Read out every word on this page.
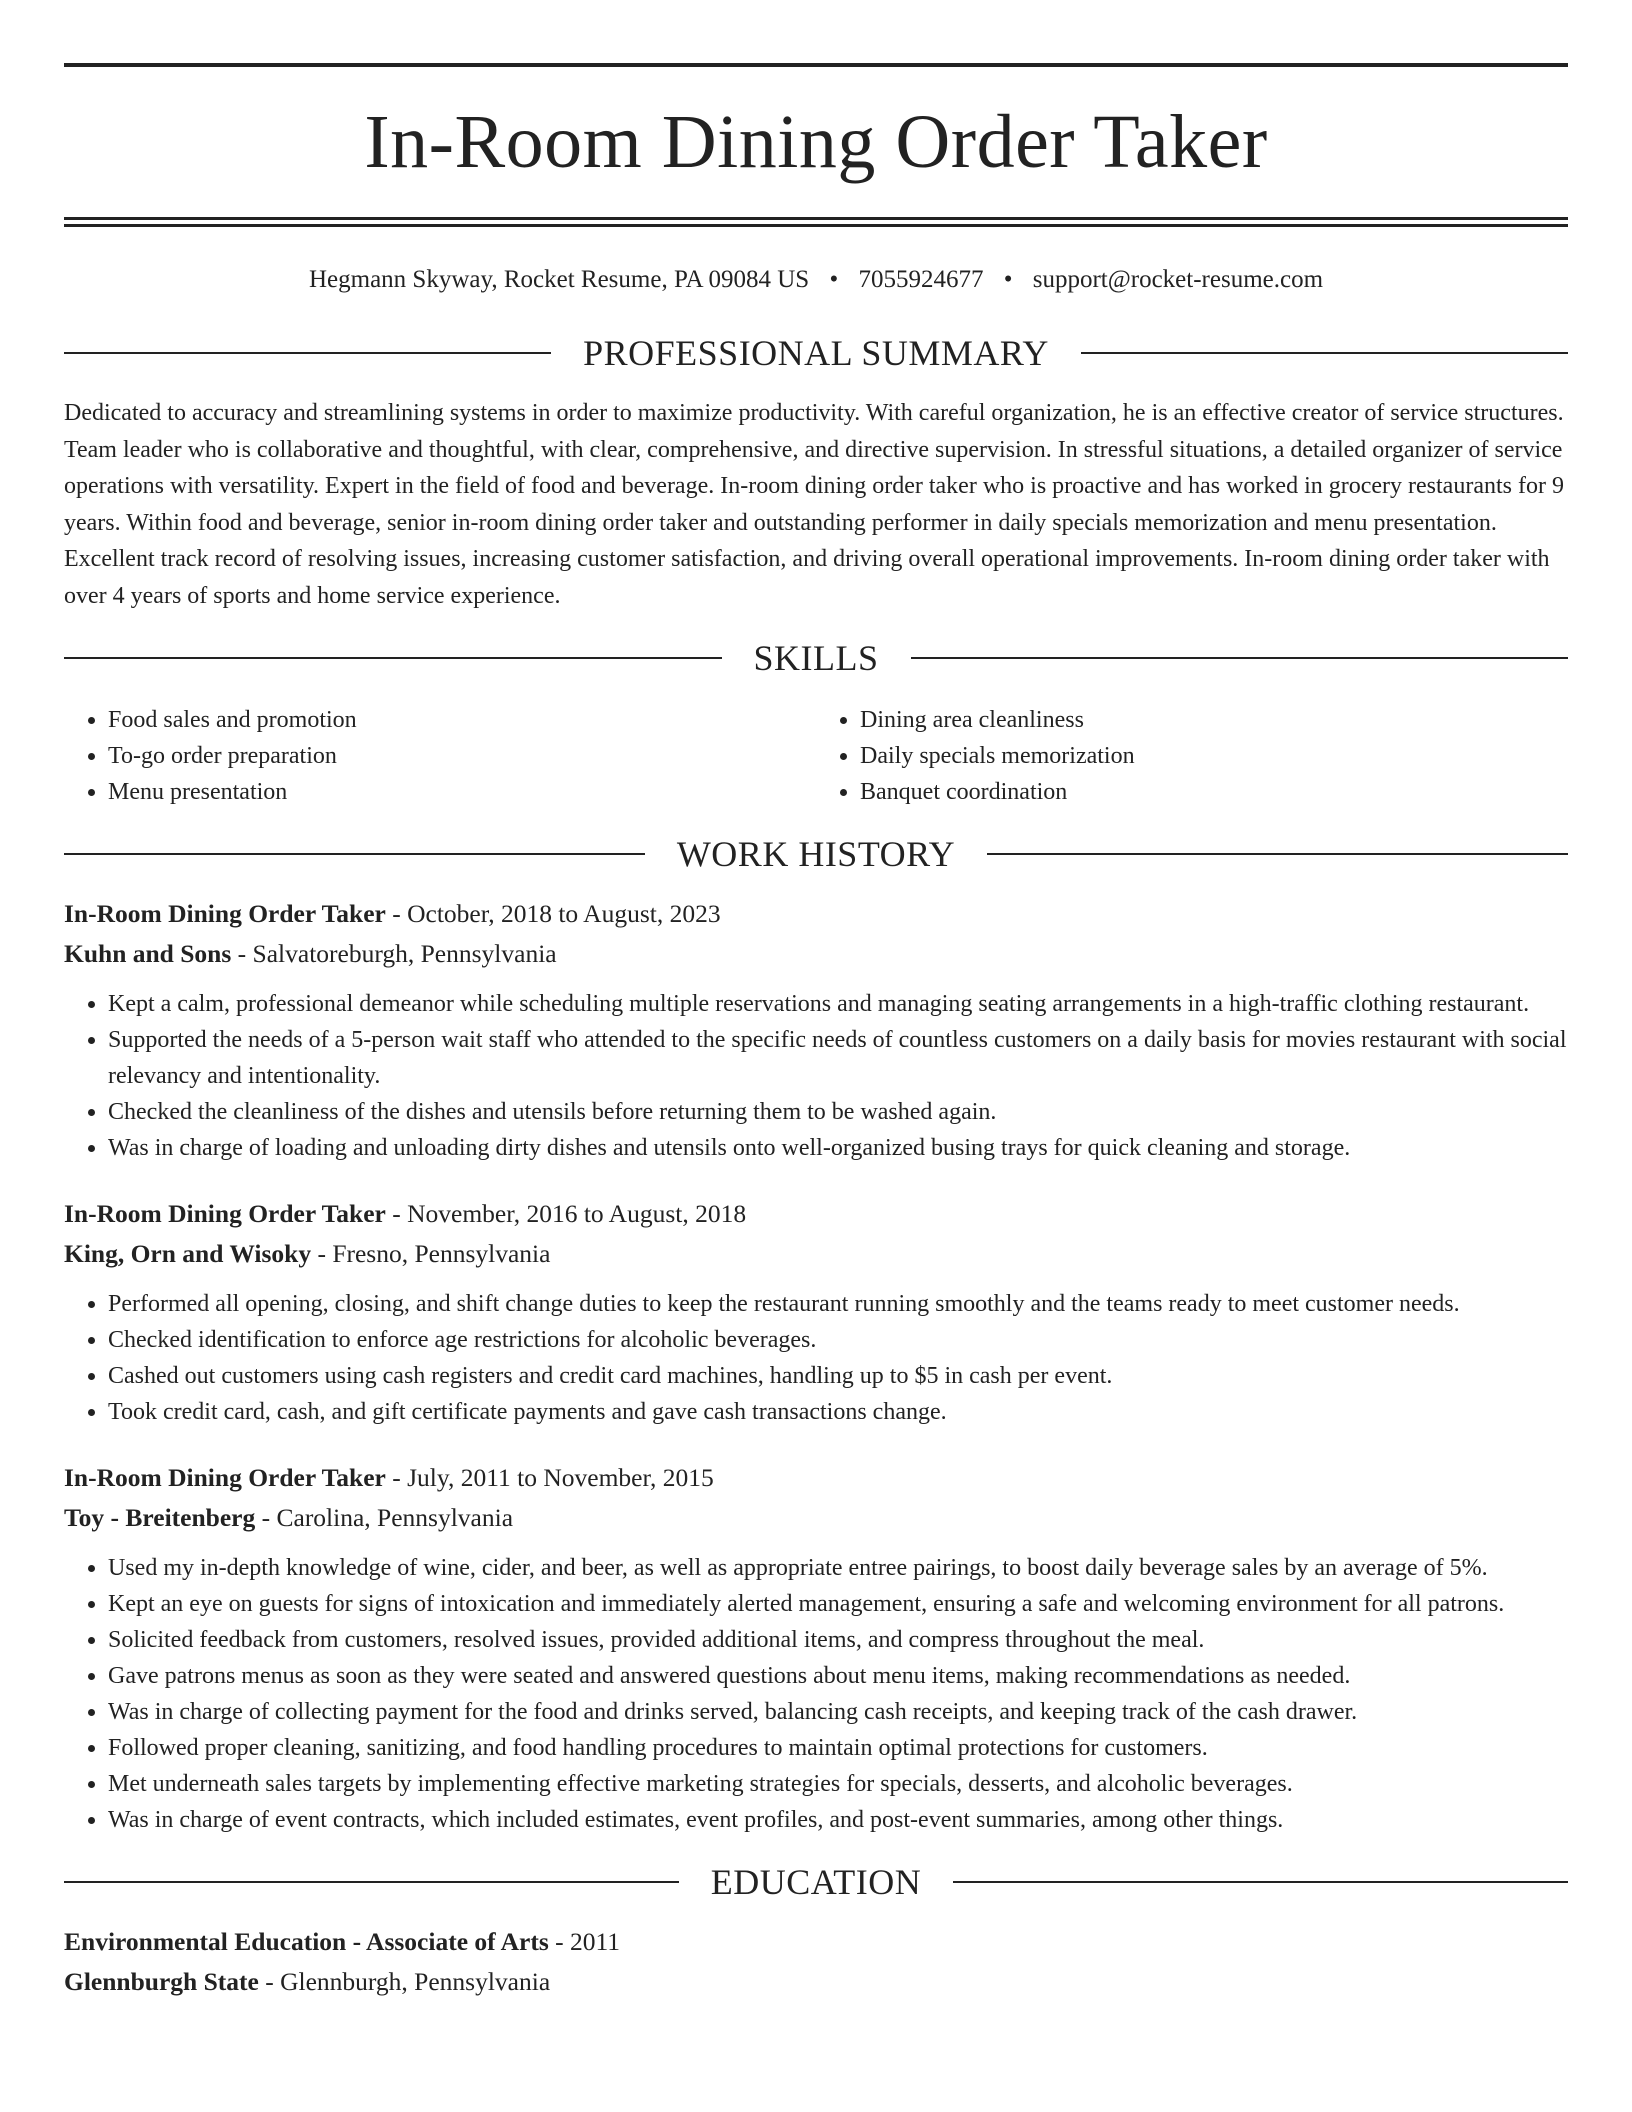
In-Room Dining Order Taker
Hegmann Skyway, Rocket Resume, PA 09084 US • 7055924677 • support@rocket-resume.com
PROFESSIONAL SUMMARY
Dedicated to accuracy and streamlining systems in order to maximize productivity. With careful organization, he is an effective creator of service structures. Team leader who is collaborative and thoughtful, with clear, comprehensive, and directive supervision. In stressful situations, a detailed organizer of service operations with versatility. Expert in the field of food and beverage. In-room dining order taker who is proactive and has worked in grocery restaurants for 9 years. Within food and beverage, senior in-room dining order taker and outstanding performer in daily specials memorization and menu presentation. Excellent track record of resolving issues, increasing customer satisfaction, and driving overall operational improvements. In-room dining order taker with over 4 years of sports and home service experience.
SKILLS
• Food sales and promotion
• To-go order preparation
• Menu presentation
• Dining area cleanliness
• Daily specials memorization
• Banquet coordination
WORK HISTORY
In-Room Dining Order Taker - October, 2018 to August, 2023
Kuhn and Sons - Salvatoreburgh, Pennsylvania
• Kept a calm, professional demeanor while scheduling multiple reservations and managing seating arrangements in a high-traffic clothing restaurant.
• Supported the needs of a 5-person wait staff who attended to the specific needs of countless customers on a daily basis for movies restaurant with social relevancy and intentionality.
• Checked the cleanliness of the dishes and utensils before returning them to be washed again.
• Was in charge of loading and unloading dirty dishes and utensils onto well-organized busing trays for quick cleaning and storage.
In-Room Dining Order Taker - November, 2016 to August, 2018
King, Orn and Wisoky - Fresno, Pennsylvania
• Performed all opening, closing, and shift change duties to keep the restaurant running smoothly and the teams ready to meet customer needs.
• Checked identification to enforce age restrictions for alcoholic beverages.
• Cashed out customers using cash registers and credit card machines, handling up to $5 in cash per event.
• Took credit card, cash, and gift certificate payments and gave cash transactions change.
In-Room Dining Order Taker - July, 2011 to November, 2015
Toy - Breitenberg - Carolina, Pennsylvania
• Used my in-depth knowledge of wine, cider, and beer, as well as appropriate entree pairings, to boost daily beverage sales by an average of 5%.
• Kept an eye on guests for signs of intoxication and immediately alerted management, ensuring a safe and welcoming environment for all patrons.
• Solicited feedback from customers, resolved issues, provided additional items, and compress throughout the meal.
• Gave patrons menus as soon as they were seated and answered questions about menu items, making recommendations as needed.
• Was in charge of collecting payment for the food and drinks served, balancing cash receipts, and keeping track of the cash drawer.
• Followed proper cleaning, sanitizing, and food handling procedures to maintain optimal protections for customers.
• Met underneath sales targets by implementing effective marketing strategies for specials, desserts, and alcoholic beverages.
• Was in charge of event contracts, which included estimates, event profiles, and post-event summaries, among other things.
EDUCATION
Environmental Education - Associate of Arts - 2011
Glennburgh State - Glennburgh, Pennsylvania
